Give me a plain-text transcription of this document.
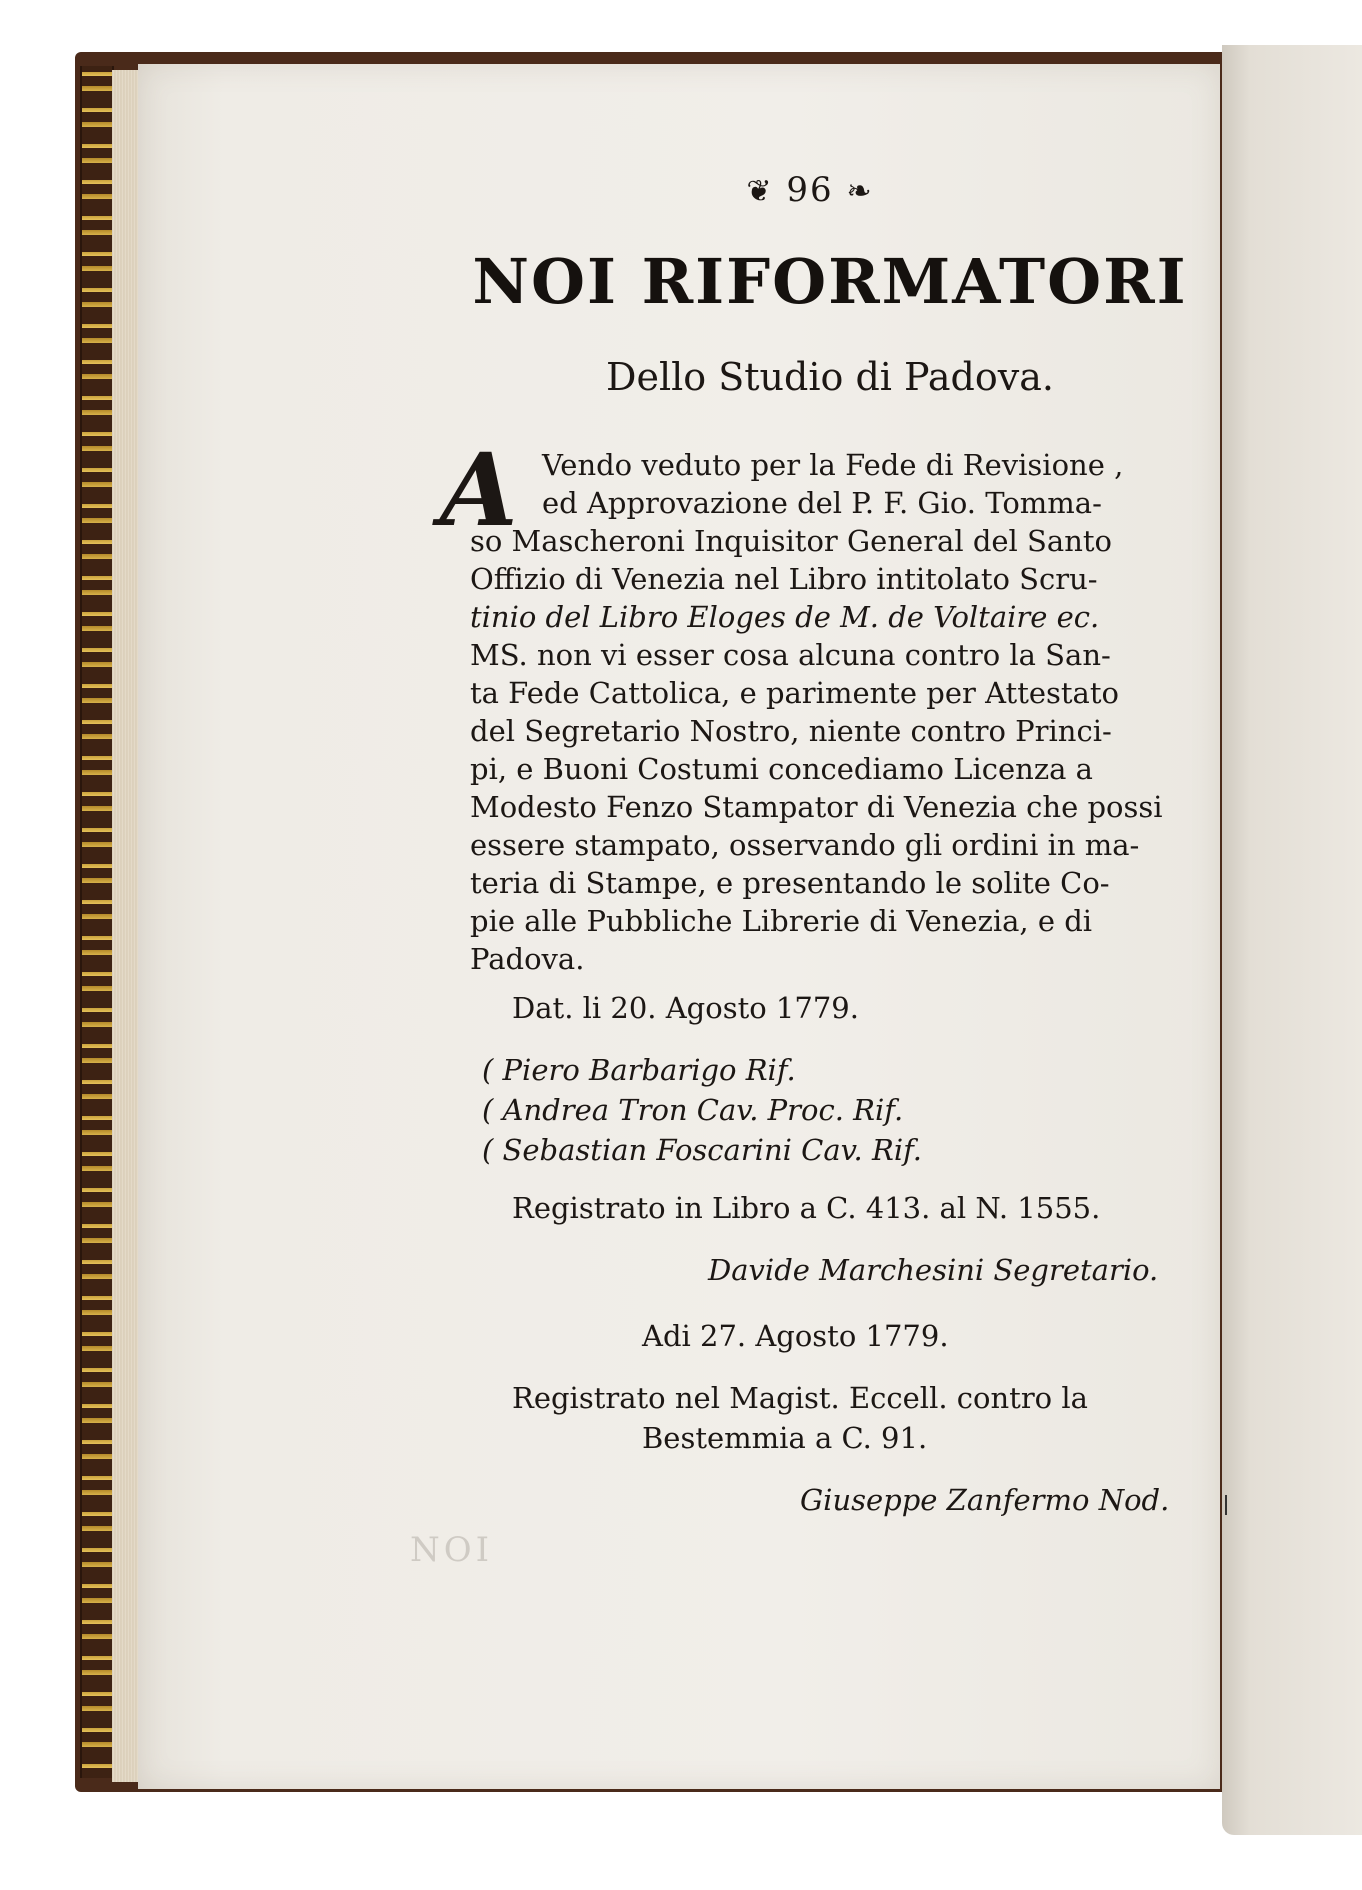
❦ 96 ❧
NOI RIFORMATORI
Dello Studio di Padova.
A Vendo veduto per la Fede di Revisione ,
ed Approvazione del P. F. Gio. Tomma-
so Mascheroni Inquisitor General del Santo
Offizio di Venezia nel Libro intitolato Scru-
tinio del Libro Eloges de M. de Voltaire ec.
MS. non vi esser cosa alcuna contro la San-
ta Fede Cattolica, e parimente per Attestato
del Segretario Nostro, niente contro Princi-
pi, e Buoni Costumi concediamo Licenza a
Modesto Fenzo Stampator di Venezia che possi
essere stampato, osservando gli ordini in ma-
teria di Stampe, e presentando le solite Co-
pie alle Pubbliche Librerie di Venezia, e di
Padova.
Dat. li 20. Agosto 1779.
( Piero Barbarigo Rif.
( Andrea Tron Cav. Proc. Rif.
( Sebastian Foscarini Cav. Rif.
Registrato in Libro a C. 413. al N. 1555.
Davide Marchesini Segretario.
Adi 27. Agosto 1779.
Registrato nel Magist. Eccell. contro la
Bestemmia a C. 91.
Giuseppe Zanfermo Nod.
NOI
